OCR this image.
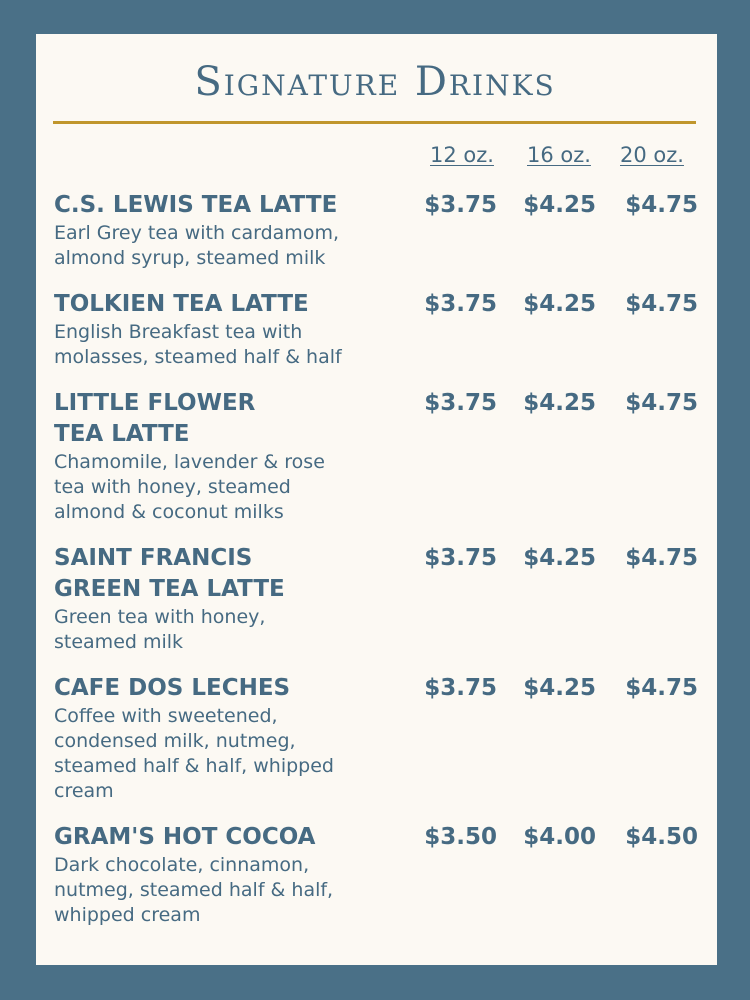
Signature Drinks
12 oz. 16 oz. 20 oz.
C.S. LEWIS TEA LATTE
Earl Grey tea with cardamom,
almond syrup, steamed milk
$3.75 $4.25 $4.75
TOLKIEN TEA LATTE
English Breakfast tea with
molasses, steamed half & half
$3.75 $4.25 $4.75
LITTLE FLOWER
TEA LATTE
Chamomile, lavender & rose
tea with honey, steamed
almond & coconut milks
$3.75 $4.25 $4.75
SAINT FRANCIS
GREEN TEA LATTE
Green tea with honey,
steamed milk
$3.75 $4.25 $4.75
CAFE DOS LECHES
Coffee with sweetened,
condensed milk, nutmeg,
steamed half & half, whipped
cream
$3.75 $4.25 $4.75
GRAM'S HOT COCOA
Dark chocolate, cinnamon,
nutmeg, steamed half & half,
whipped cream
$3.50 $4.00 $4.50
